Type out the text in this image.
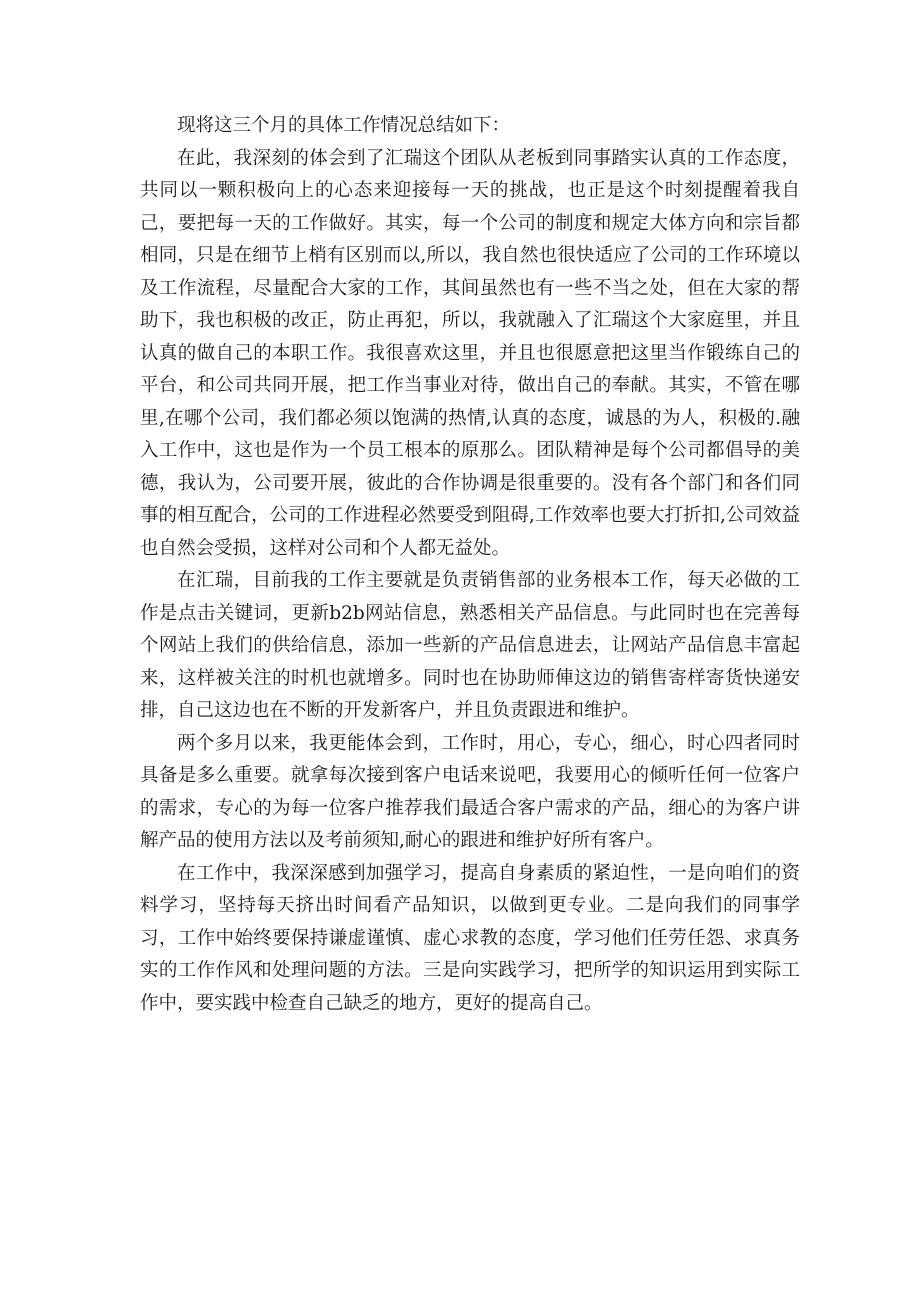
现将这三个月的具体工作情况总结如下：

在此，我深刻的体会到了汇瑞这个团队从老板到同事踏实认真的工作态度，共同以一颗积极向上的心态来迎接每一天的挑战，也正是这个时刻提醒着我自己，要把每一天的工作做好。其实，每一个公司的制度和规定大体方向和宗旨都相同，只是在细节上梢有区别而以,所以，我自然也很快适应了公司的工作环境以及工作流程，尽量配合大家的工作，其间虽然也有一些不当之处，但在大家的帮助下，我也积极的改正，防止再犯，所以，我就融入了汇瑞这个大家庭里，并且认真的做自己的本职工作。我很喜欢这里，并且也很愿意把这里当作锻练自己的平台，和公司共同开展，把工作当事业对待，做出自己的奉献。其实，不管在哪里,在哪个公司，我们都必须以饱满的热情,认真的态度，诚恳的为人，积极的.融入工作中，这也是作为一个员工根本的原那么。团队精神是每个公司都倡导的美德，我认为，公司要开展，彼此的合作协调是很重要的。没有各个部门和各们同事的相互配合，公司的工作进程必然要受到阻碍,工作效率也要大打折扣,公司效益也自然会受损，这样对公司和个人都无益处。

在汇瑞，目前我的工作主要就是负责销售部的业务根本工作，每天必做的工作是点击关键词，更新b2b网站信息，熟悉相关产品信息。与此同时也在完善每个网站上我们的供给信息，添加一些新的产品信息进去，让网站产品信息丰富起来，这样被关注的时机也就增多。同时也在协助师俥这边的销售寄样寄货快递安排，自己这边也在不断的开发新客户，并且负责跟进和维护。

两个多月以来，我更能体会到，工作时，用心，专心，细心，时心四者同时具备是多么重要。就拿每次接到客户电话来说吧，我要用心的倾听任何一位客户的需求，专心的为每一位客户推荐我们最适合客户需求的产品，细心的为客户讲解产品的使用方法以及考前须知,耐心的跟进和维护好所有客户。

在工作中，我深深感到加强学习，提高自身素质的紧迫性，一是向咱们的资料学习，坚持每天挤出时间看产品知识，以做到更专业。二是向我们的同事学习，工作中始终要保持谦虚谨慎、虚心求教的态度，学习他们任劳任怨、求真务实的工作作风和处理问题的方法。三是向实践学习，把所学的知识运用到实际工作中，要实践中检查自己缺乏的地方，更好的提高自己。
